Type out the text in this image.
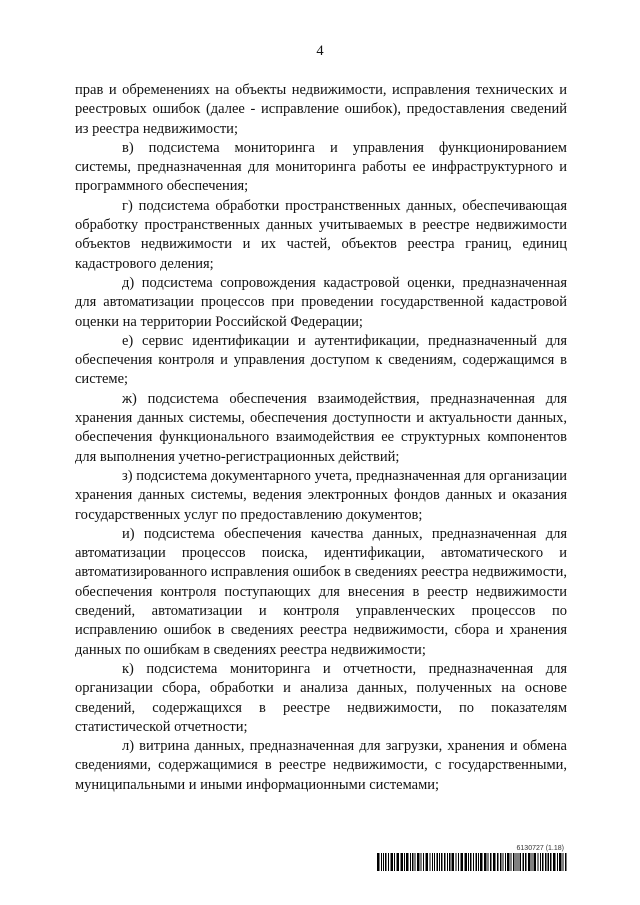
4

прав и обременениях на объекты недвижимости, исправления технических и реестровых ошибок (далее - исправление ошибок), предоставления сведений из реестра недвижимости;

в) подсистема мониторинга и управления функционированием системы, предназначенная для мониторинга работы ее инфраструктурного и программного обеспечения;

г) подсистема обработки пространственных данных, обеспечивающая обработку пространственных данных учитываемых в реестре недвижимости объектов недвижимости и их частей, объектов реестра границ, единиц кадастрового деления;

д) подсистема сопровождения кадастровой оценки, предназначенная для автоматизации процессов при проведении государственной кадастровой оценки на территории Российской Федерации;

е) сервис идентификации и аутентификации, предназначенный для обеспечения контроля и управления доступом к сведениям, содержащимся в системе;

ж) подсистема обеспечения взаимодействия, предназначенная для хранения данных системы, обеспечения доступности и актуальности данных, обеспечения функционального взаимодействия ее структурных компонентов для выполнения учетно-регистрационных действий;

з) подсистема документарного учета, предназначенная для организации хранения данных системы, ведения электронных фондов данных и оказания государственных услуг по предоставлению документов;

и) подсистема обеспечения качества данных, предназначенная для автоматизации процессов поиска, идентификации, автоматического и автоматизированного исправления ошибок в сведениях реестра недвижимости, обеспечения контроля поступающих для внесения в реестр недвижимости сведений, автоматизации и контроля управленческих процессов по исправлению ошибок в сведениях реестра недвижимости, сбора и хранения данных по ошибкам в сведениях реестра недвижимости;

к) подсистема мониторинга и отчетности, предназначенная для организации сбора, обработки и анализа данных, полученных на основе сведений, содержащихся в реестре недвижимости, по показателям статистической отчетности;

л) витрина данных, предназначенная для загрузки, хранения и обмена сведениями, содержащимися в реестре недвижимости, с государственными, муниципальными и иными информационными системами;

6130727 (1.18)
